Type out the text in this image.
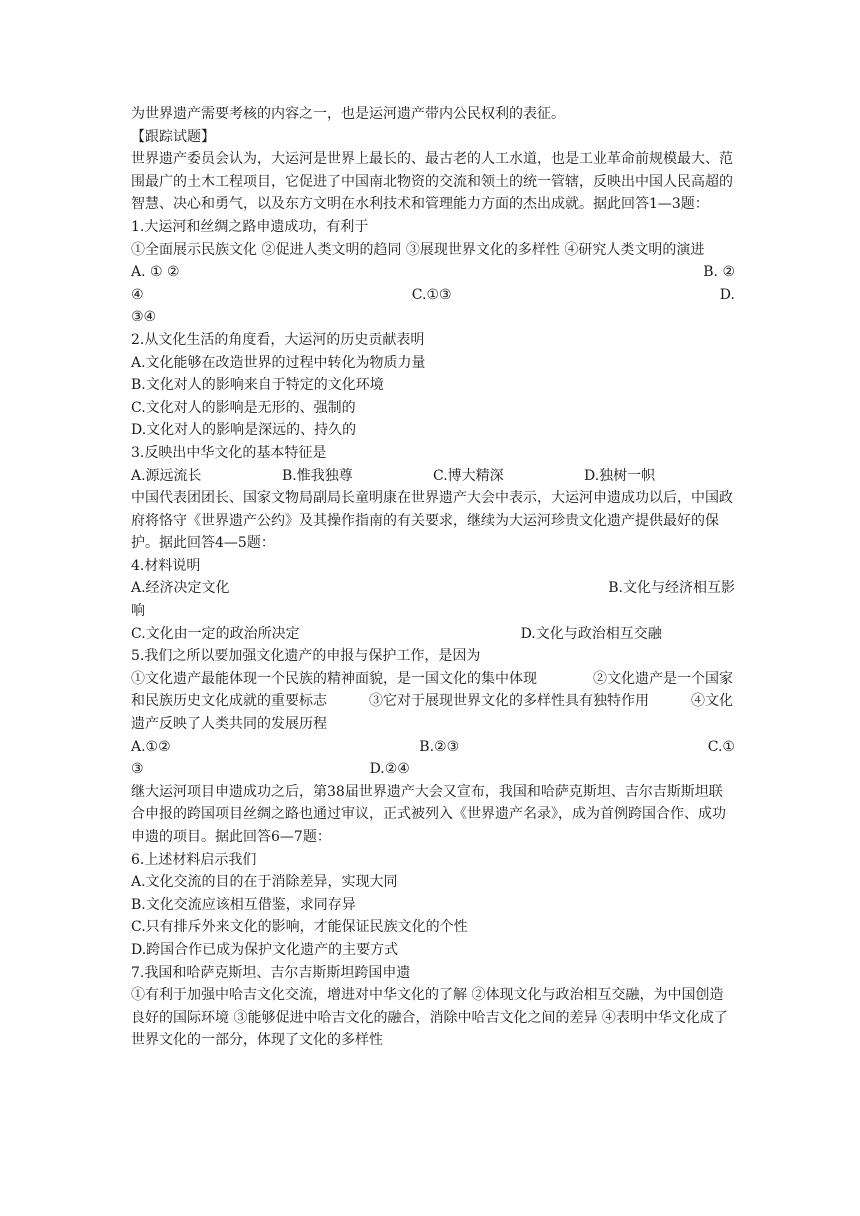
为世界遗产需要考核的内容之一，也是运河遗产带内公民权利的表征。
【跟踪试题】
世界遗产委员会认为，大运河是世界上最长的、最古老的人工水道，也是工业革命前规模最大、范围最广的土木工程项目，它促进了中国南北物资的交流和领土的统一管辖，反映出中国人民高超的智慧、决心和勇气，以及东方文明在水利技术和管理能力方面的杰出成就。据此回答1—3题：
1.大运河和丝绸之路申遗成功，有利于
①全面展示民族文化 ②促进人类文明的趋同 ③展现世界文化的多样性 ④研究人类文明的演进
A. ① ②	B. ②
④	C.①③	D.
③④
2.从文化生活的角度看，大运河的历史贡献表明
A.文化能够在改造世界的过程中转化为物质力量
B.文化对人的影响来自于特定的文化环境
C.文化对人的影响是无形的、强制的
D.文化对人的影响是深远的、持久的
3.反映出中华文化的基本特征是
A.源远流长	B.惟我独尊	C.博大精深	D.独树一帜
中国代表团团长、国家文物局副局长童明康在世界遗产大会中表示，大运河申遗成功以后，中国政府将恪守《世界遗产公约》及其操作指南的有关要求，继续为大运河珍贵文化遗产提供最好的保护。据此回答4—5题：
4.材料说明
A.经济决定文化	B.文化与经济相互影
响
C.文化由一定的政治所决定	D.文化与政治相互交融
5.我们之所以要加强文化遗产的申报与保护工作，是因为
①文化遗产最能体现一个民族的精神面貌，是一国文化的集中体现　　　　②文化遗产是一个国家和民族历史文化成就的重要标志　　　③它对于展现世界文化的多样性具有独特作用　　　④文化遗产反映了人类共同的发展历程
A.①②	B.②③	C.①
③	D.②④
继大运河项目申遗成功之后，第38届世界遗产大会又宣布，我国和哈萨克斯坦、吉尔吉斯斯坦联合申报的跨国项目丝绸之路也通过审议，正式被列入《世界遗产名录》，成为首例跨国合作、成功申遗的项目。据此回答6—7题：
6.上述材料启示我们
A.文化交流的目的在于消除差异，实现大同
B.文化交流应该相互借鉴，求同存异
C.只有排斥外来文化的影响，才能保证民族文化的个性
D.跨国合作已成为保护文化遗产的主要方式
7.我国和哈萨克斯坦、吉尔吉斯斯坦跨国申遗
①有利于加强中哈吉文化交流，增进对中华文化的了解 ②体现文化与政治相互交融，为中国创造良好的国际环境 ③能够促进中哈吉文化的融合，消除中哈吉文化之间的差异 ④表明中华文化成了世界文化的一部分，体现了文化的多样性
